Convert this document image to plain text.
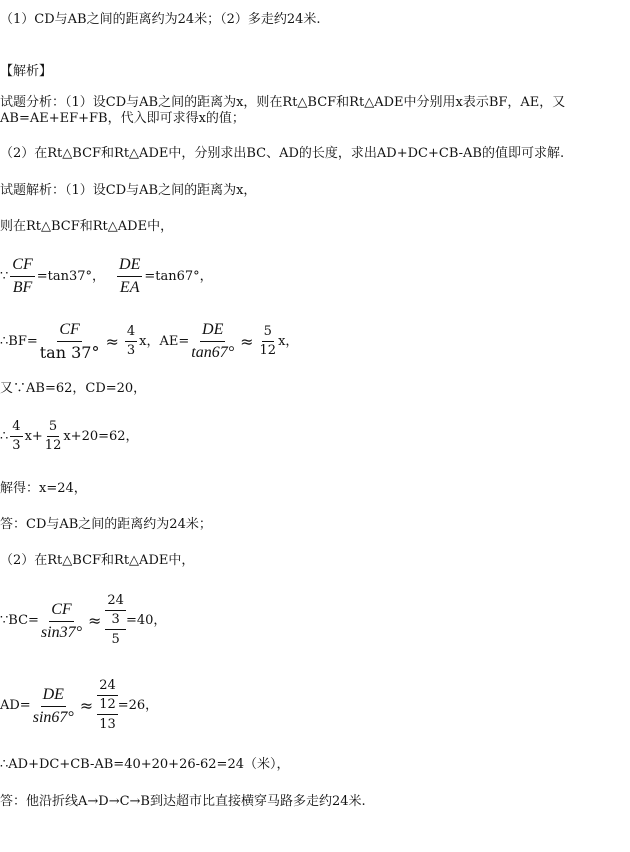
（1）CD与AB之间的距离约为24米；（2）多走约24米.
【解析】
试题分析：（1）设CD与AB之间的距离为x，则在Rt△BCF和Rt△ADE中分别用x表示BF，AE，又
AB=AE+EF+FB，代入即可求得x的值；
（2）在Rt△BCF和Rt△ADE中，分别求出BC、AD的长度，求出AD+DC+CB-AB的值即可求解.
试题解析：（1）设CD与AB之间的距离为x，
则在Rt△BCF和Rt△ADE中，
∵ $\frac{CF}{BF} =\tan 37^\circ$， $\frac{DE}{EA} =\tan 67^\circ$，
∴BF= $\frac{CF}{\tan 37^\circ} \approx \frac{4}{3}$ x，$AE= \frac{DE}{\tan 67^\circ} \approx \frac{5}{12}$ x，
又∵AB=62，CD=20，
∴ $\frac{4}{3} x+ \frac{5}{12} x+20=62$，
解得：x=24，
答：CD与AB之间的距离约为24米；
（2）在Rt△BCF和Rt△ADE中，
∵BC= $\frac{CF}{\sin 37^\circ} \approx \frac{\frac{24}{3}}{5} =40$，
$AD= \frac{DE}{\sin 67^\circ} \approx \frac{\frac{24}{12}}{13} =26$，
∴AD+DC+CB-AB=40+20+26-62=24（米），
答：他沿折线A→D→C→B到达超市比直接横穿马路多走约24米.
